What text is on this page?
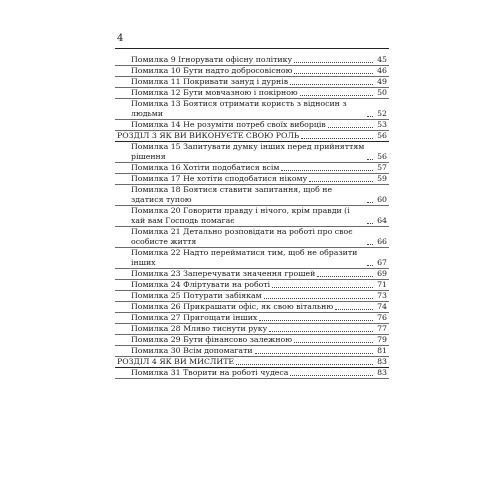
4
Помилка 9 Ігнорувати офісну політику	45
Помилка 10 Бути надто добросовісною	46
Помилка 11 Покривати зануд і дурнів	49
Помилка 12 Бути мовчазною і покірною	50
Помилка 13 Боятися отримати користь з відносин з людьми	52
Помилка 14 Не розуміти потреб своїх виборців	53
РОЗДІЛ 3 ЯК ВИ ВИКОНУЄТЕ СВОЮ РОЛЬ	56
Помилка 15 Запитувати думку інших перед прийняттям рішення	56
Помилка 16 Хотіти подобатися всім	57
Помилка 17 Не хотіти сподобатися нікому	59
Помилка 18 Боятися ставити запитання, щоб не здатися тупою	60
Помилка 20 Говорити правду і нічого, крім правди (і хай вам Господь помагає	64
Помилка 21 Детально розповідати на роботі про своє особисте життя	66
Помилка 22 Надто перейматися тим, щоб не образити інших	67
Помилка 23 Заперечувати значення грошей	69
Помилка 24 Фліртувати на роботі	71
Помилка 25 Потурати забіякам	73
Помилка 26 Прикрашати офіс, як свою вітальню	74
Помилка 27 Пригощати інших	76
Помилка 28 Мляво тиснути руку	77
Помилка 29 Бути фінансово залежною	79
Помилка 30 Всім допомагати	81
РОЗДІЛ 4 ЯК ВИ МИСЛИТЕ	83
Помилка 31 Творити на роботі чудеса	83
